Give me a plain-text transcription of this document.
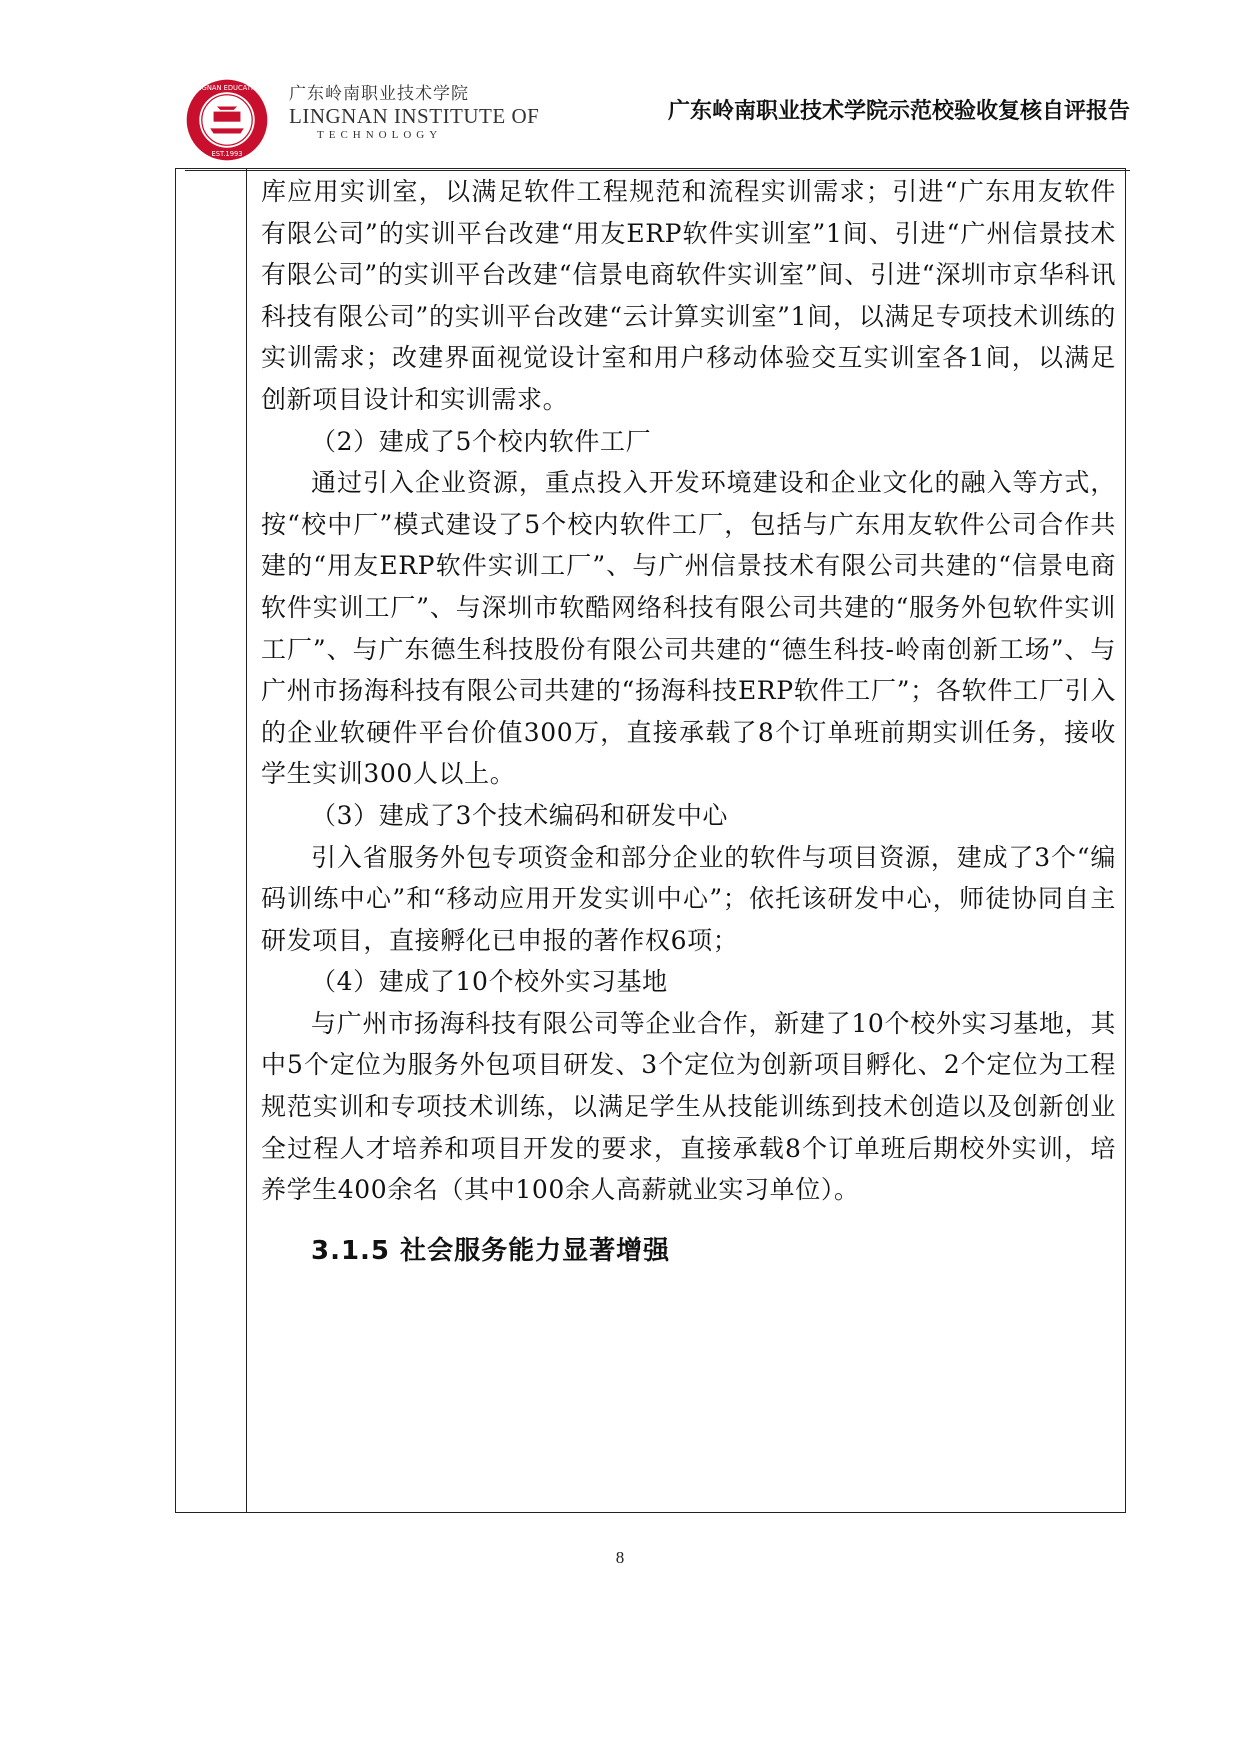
LINGNAN EDUCATION
EST.1993
广东岭南职业技术学院
LINGNAN INSTITUTE OF
TECHNOLOGY
广东岭南职业技术学院示范校验收复核自评报告

库应用实训室，以满足软件工程规范和流程实训需求；引进“广东用友软件有限公司”的实训平台改建“用友ERP软件实训室”1间、引进“广州信景技术有限公司”的实训平台改建“信景电商软件实训室”间、引进“深圳市京华科讯科技有限公司”的实训平台改建“云计算实训室”1间，以满足专项技术训练的实训需求；改建界面视觉设计室和用户移动体验交互实训室各1间，以满足创新项目设计和实训需求。

（2）建成了5个校内软件工厂

通过引入企业资源，重点投入开发环境建设和企业文化的融入等方式，按“校中厂”模式建设了5个校内软件工厂，包括与广东用友软件公司合作共建的“用友ERP软件实训工厂”、与广州信景技术有限公司共建的“信景电商软件实训工厂”、与深圳市软酷网络科技有限公司共建的“服务外包软件实训工厂”、与广东德生科技股份有限公司共建的“德生科技-岭南创新工场”、与广州市扬海科技有限公司共建的“扬海科技ERP软件工厂”；各软件工厂引入的企业软硬件平台价值300万，直接承载了8个订单班前期实训任务，接收学生实训300人以上。

（3）建成了3个技术编码和研发中心

引入省服务外包专项资金和部分企业的软件与项目资源，建成了3个“编码训练中心”和“移动应用开发实训中心”；依托该研发中心，师徒协同自主研发项目，直接孵化已申报的著作权6项；

（4）建成了10个校外实习基地

与广州市扬海科技有限公司等企业合作，新建了10个校外实习基地，其中5个定位为服务外包项目研发、3个定位为创新项目孵化、2个定位为工程规范实训和专项技术训练，以满足学生从技能训练到技术创造以及创新创业全过程人才培养和项目开发的要求，直接承载8个订单班后期校外实训，培养学生400余名（其中100余人高薪就业实习单位）。

3.1.5 社会服务能力显著增强

8
